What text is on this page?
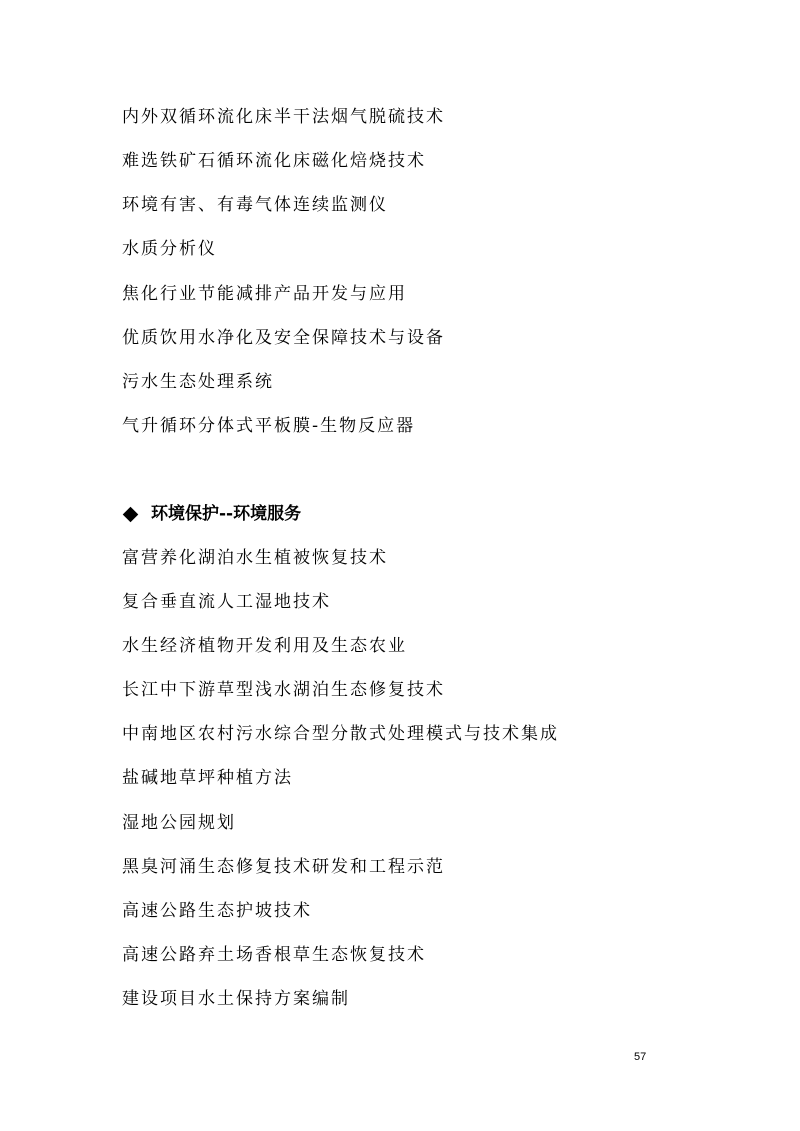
内外双循环流化床半干法烟气脱硫技术
难选铁矿石循环流化床磁化焙烧技术
环境有害、有毒气体连续监测仪
水质分析仪
焦化行业节能减排产品开发与应用
优质饮用水净化及安全保障技术与设备
污水生态处理系统
气升循环分体式平板膜-生物反应器
环境保护--环境服务
富营养化湖泊水生植被恢复技术
复合垂直流人工湿地技术
水生经济植物开发利用及生态农业
长江中下游草型浅水湖泊生态修复技术
中南地区农村污水综合型分散式处理模式与技术集成
盐碱地草坪种植方法
湿地公园规划
黑臭河涌生态修复技术研发和工程示范
高速公路生态护坡技术
高速公路弃土场香根草生态恢复技术
建设项目水土保持方案编制
57
